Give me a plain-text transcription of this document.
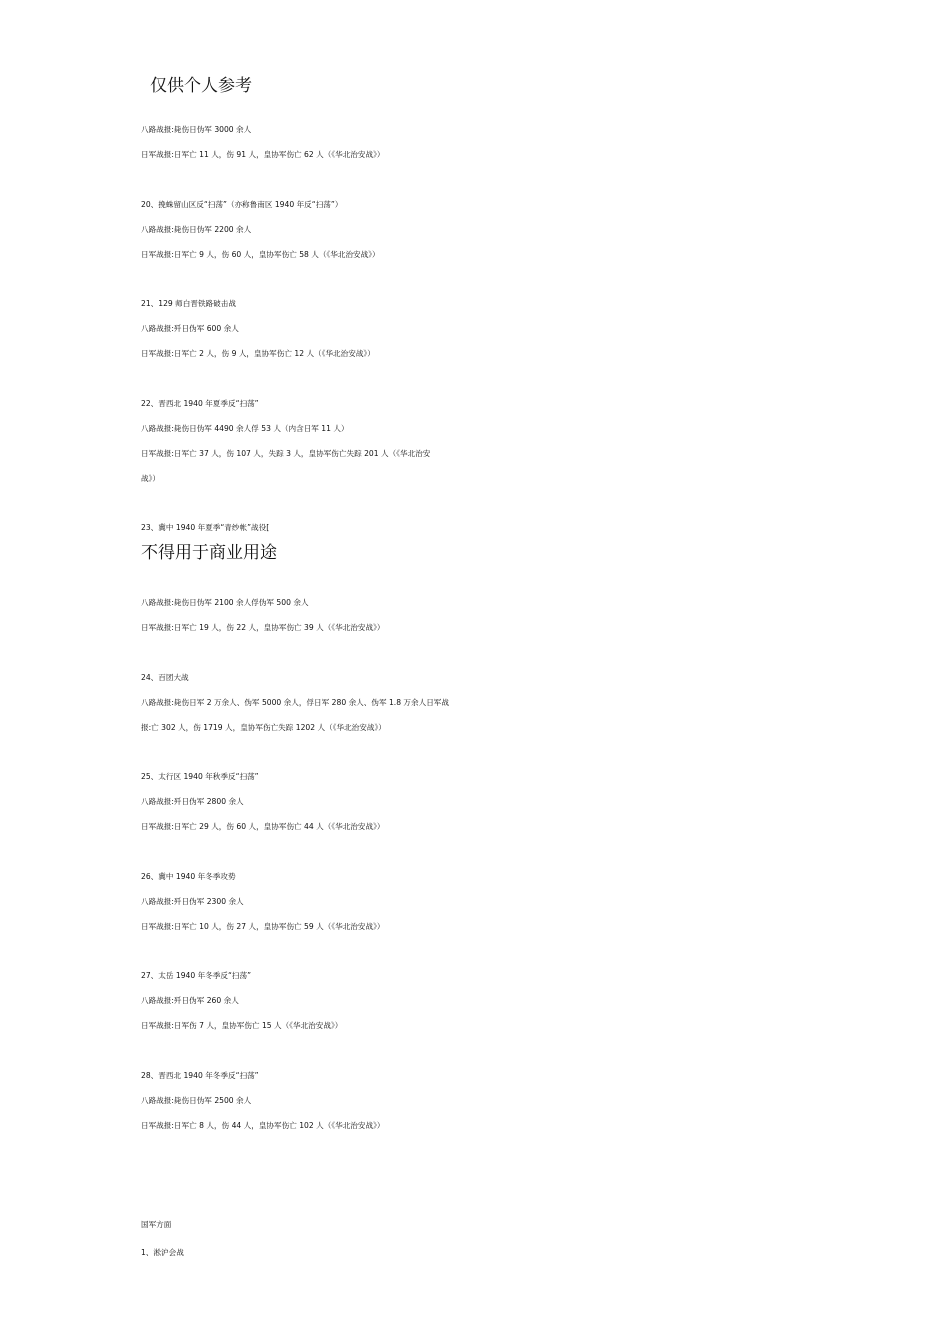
仅供个人参考
八路战报:毙伤日伪军 3000 余人
日军战报:日军亡 11 人，伤 91 人，皇协军伤亡 62 人（《华北治安战》）
20、挽蛛留山区反“扫荡”（亦称鲁南区 1940 年反“扫荡”）
八路战报:毙伤日伪军 2200 余人
日军战报:日军亡 9 人，伤 60 人，皇协军伤亡 58 人（《华北治安战》）
21、129 师白晋铁路破击战
八路战报:歼日伪军 600 余人
日军战报:日军亡 2 人，伤 9 人，皇协军伤亡 12 人（《华北治安战》）
22、晋西北 1940 年夏季反“扫荡”
八路战报:毙伤日伪军 4490 余人俘 53 人（内含日军 11 人）
日军战报:日军亡 37 人，伤 107 人，失踪 3 人，皇协军伤亡失踪 201 人（《华北治安
战》）
23、冀中 1940 年夏季“青纱帐”战役[
不得用于商业用途
八路战报:毙伤日伪军 2100 余人俘伪军 500 余人
日军战报:日军亡 19 人，伤 22 人，皇协军伤亡 39 人（《华北治安战》）
24、百团大战
八路战报:毙伤日军 2 万余人、伪军 5000 余人，俘日军 280 余人、伪军 1.8 万余人日军战
报:亡 302 人，伤 1719 人，皇协军伤亡失踪 1202 人（《华北治安战》）
25、太行区 1940 年秋季反“扫荡”
八路战报:歼日伪军 2800 余人
日军战报:日军亡 29 人，伤 60 人，皇协军伤亡 44 人（《华北治安战》）
26、冀中 1940 年冬季攻势
八路战报:歼日伪军 2300 余人
日军战报:日军亡 10 人，伤 27 人，皇协军伤亡 59 人（《华北治安战》）
27、太岳 1940 年冬季反“扫荡”
八路战报:歼日伪军 260 余人
日军战报:日军伤 7 人，皇协军伤亡 15 人（《华北治安战》）
28、晋西北 1940 年冬季反“扫荡”
八路战报:毙伤日伪军 2500 余人
日军战报:日军亡 8 人，伤 44 人，皇协军伤亡 102 人（《华北治安战》）
国军方面
1、淞沪会战
